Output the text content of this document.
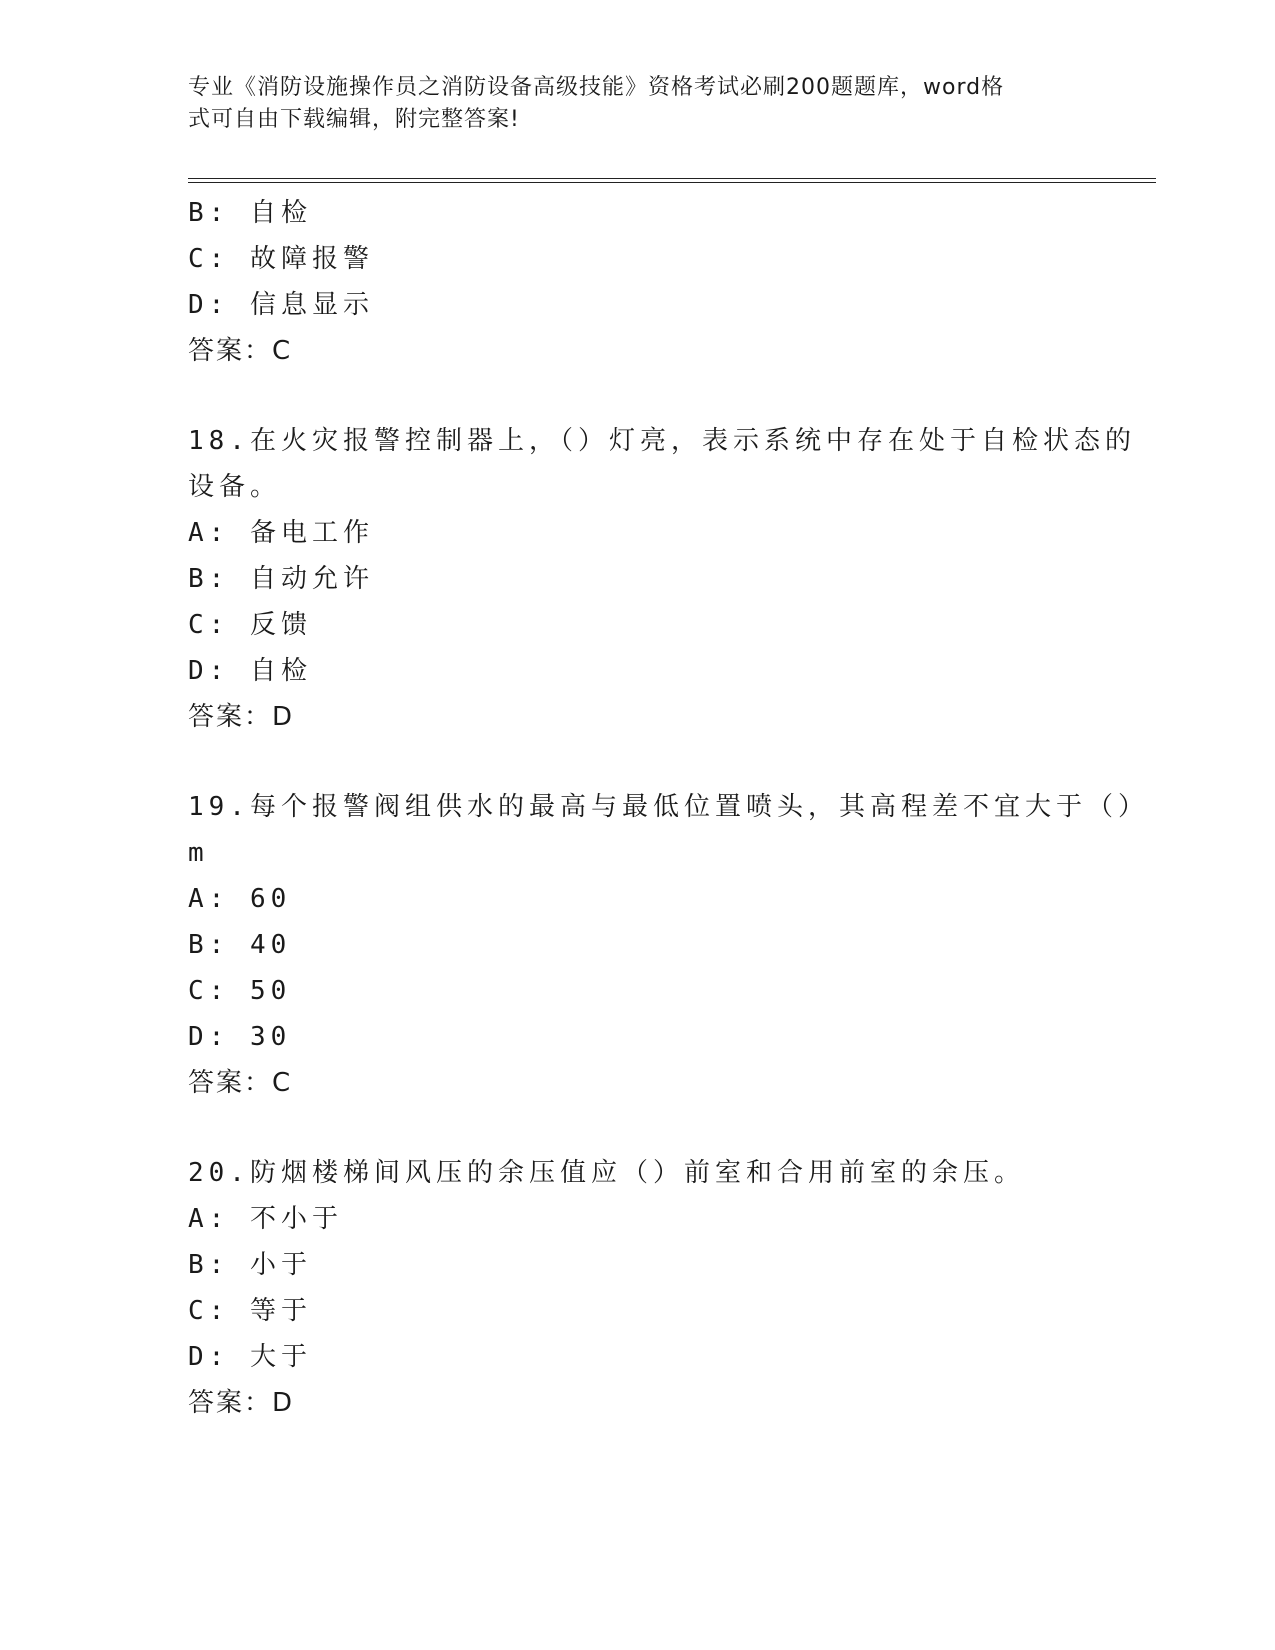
专业《消防设施操作员之消防设备高级技能》资格考试必刷200题题库，word格
式可自由下载编辑，附完整答案!
B: 自检
C: 故障报警
D: 信息显示
答案：C
18.在火灾报警控制器上，（）灯亮，表示系统中存在处于自检状态的
设备。
A: 备电工作
B: 自动允许
C: 反馈
D: 自检
答案：D
19.每个报警阀组供水的最高与最低位置喷头，其高程差不宜大于（）
m
A: 60
B: 40
C: 50
D: 30
答案：C
20.防烟楼梯间风压的余压值应（）前室和合用前室的余压。
A: 不小于
B: 小于
C: 等于
D: 大于
答案：D
